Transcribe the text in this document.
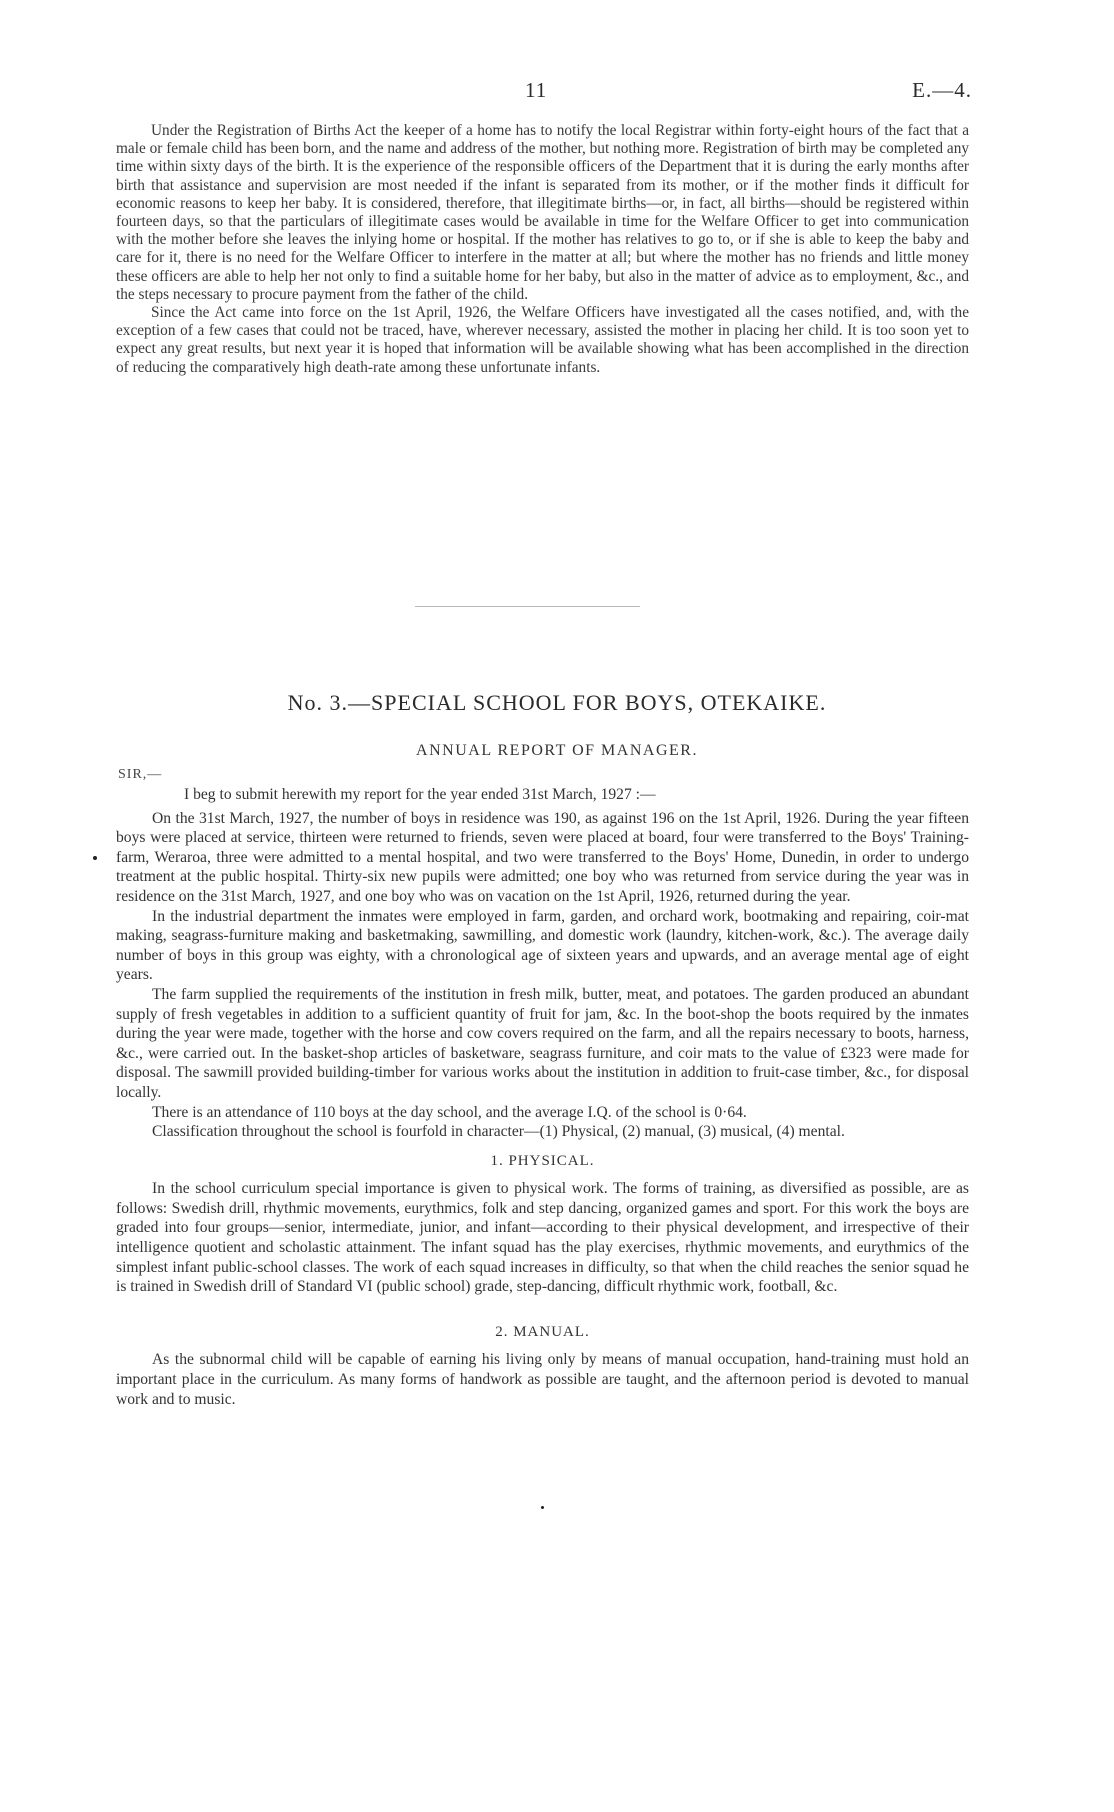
11	E.—4.

Under the Registration of Births Act the keeper of a home has to notify the local Registrar within forty-eight hours of the fact that a male or female child has been born, and the name and address of the mother, but nothing more. Registration of birth may be completed any time within sixty days of the birth. It is the experience of the responsible officers of the Department that it is during the early months after birth that assistance and supervision are most needed if the infant is separated from its mother, or if the mother finds it difficult for economic reasons to keep her baby. It is considered, therefore, that illegitimate births—or, in fact, all births—should be registered within fourteen days, so that the particulars of illegitimate cases would be available in time for the Welfare Officer to get into communication with the mother before she leaves the inlying home or hospital. If the mother has relatives to go to, or if she is able to keep the baby and care for it, there is no need for the Welfare Officer to interfere in the matter at all; but where the mother has no friends and little money these officers are able to help her not only to find a suitable home for her baby, but also in the matter of advice as to employment, &c., and the steps necessary to procure payment from the father of the child.

Since the Act came into force on the 1st April, 1926, the Welfare Officers have investigated all the cases notified, and, with the exception of a few cases that could not be traced, have, wherever necessary, assisted the mother in placing her child. It is too soon yet to expect any great results, but next year it is hoped that information will be available showing what has been accomplished in the direction of reducing the comparatively high death-rate among these unfortunate infants.

No. 3.—SPECIAL SCHOOL FOR BOYS, OTEKAIKE.
ANNUAL REPORT OF MANAGER.
SIR,—

I beg to submit herewith my report for the year ended 31st March, 1927 :—

On the 31st March, 1927, the number of boys in residence was 190, as against 196 on the 1st April, 1926. During the year fifteen boys were placed at service, thirteen were returned to friends, seven were placed at board, four were transferred to the Boys' Training-farm, Weraroa, three were admitted to a mental hospital, and two were transferred to the Boys' Home, Dunedin, in order to undergo treatment at the public hospital. Thirty-six new pupils were admitted; one boy who was returned from service during the year was in residence on the 31st March, 1927, and one boy who was on vacation on the 1st April, 1926, returned during the year.

In the industrial department the inmates were employed in farm, garden, and orchard work, bootmaking and repairing, coir-mat making, seagrass-furniture making and basketmaking, sawmilling, and domestic work (laundry, kitchen-work, &c.). The average daily number of boys in this group was eighty, with a chronological age of sixteen years and upwards, and an average mental age of eight years.

The farm supplied the requirements of the institution in fresh milk, butter, meat, and potatoes. The garden produced an abundant supply of fresh vegetables in addition to a sufficient quantity of fruit for jam, &c. In the boot-shop the boots required by the inmates during the year were made, together with the horse and cow covers required on the farm, and all the repairs necessary to boots, harness, &c., were carried out. In the basket-shop articles of basketware, seagrass furniture, and coir mats to the value of £323 were made for disposal. The sawmill provided building-timber for various works about the institution in addition to fruit-case timber, &c., for disposal locally.

There is an attendance of 110 boys at the day school, and the average I.Q. of the school is 0·64.

Classification throughout the school is fourfold in character—(1) Physical, (2) manual, (3) musical, (4) mental.

1. PHYSICAL.

In the school curriculum special importance is given to physical work. The forms of training, as diversified as possible, are as follows: Swedish drill, rhythmic movements, eurythmics, folk and step dancing, organized games and sport. For this work the boys are graded into four groups—senior, intermediate, junior, and infant—according to their physical development, and irrespective of their intelligence quotient and scholastic attainment. The infant squad has the play exercises, rhythmic movements, and eurythmics of the simplest infant public-school classes. The work of each squad increases in difficulty, so that when the child reaches the senior squad he is trained in Swedish drill of Standard VI (public school) grade, step-dancing, difficult rhythmic work, football, &c.

2. MANUAL.

As the subnormal child will be capable of earning his living only by means of manual occupation, hand-training must hold an important place in the curriculum. As many forms of handwork as possible are taught, and the afternoon period is devoted to manual work and to music.
